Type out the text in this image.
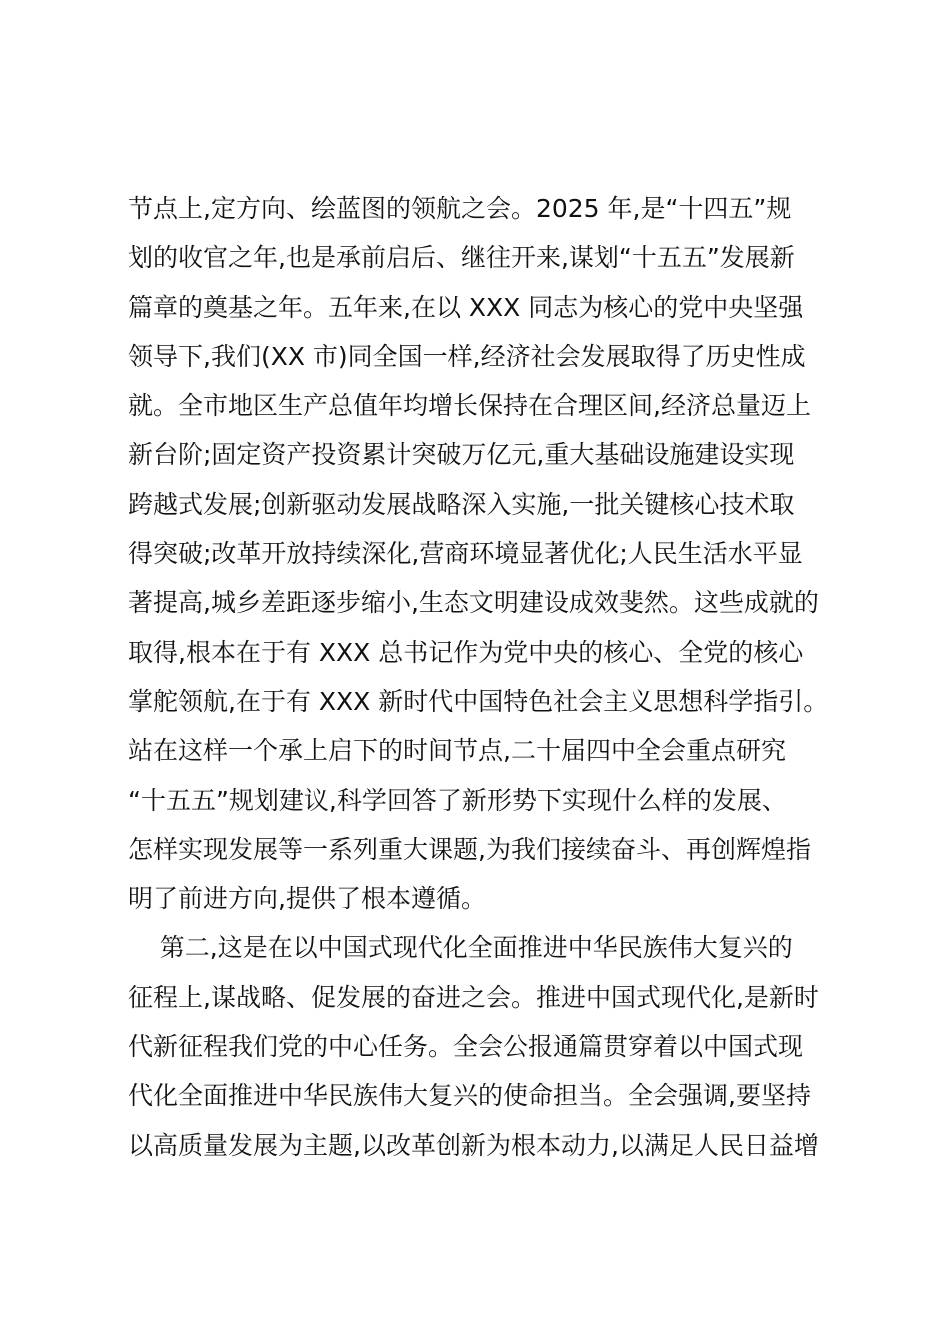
节点上,定方向、绘蓝图的领航之会。2025 年,是“十四五”规
划的收官之年,也是承前启后、继往开来,谋划“十五五”发展新
篇章的奠基之年。五年来,在以 XXX 同志为核心的党中央坚强
领导下,我们(XX 市)同全国一样,经济社会发展取得了历史性成
就。全市地区生产总值年均增长保持在合理区间,经济总量迈上
新台阶;固定资产投资累计突破万亿元,重大基础设施建设实现
跨越式发展;创新驱动发展战略深入实施,一批关键核心技术取
得突破;改革开放持续深化,营商环境显著优化;人民生活水平显
著提高,城乡差距逐步缩小,生态文明建设成效斐然。这些成就的
取得,根本在于有 XXX 总书记作为党中央的核心、全党的核心
掌舵领航,在于有 XXX 新时代中国特色社会主义思想科学指引。
站在这样一个承上启下的时间节点,二十届四中全会重点研究
“十五五”规划建议,科学回答了新形势下实现什么样的发展、
怎样实现发展等一系列重大课题,为我们接续奋斗、再创辉煌指
明了前进方向,提供了根本遵循。
第二,这是在以中国式现代化全面推进中华民族伟大复兴的
征程上,谋战略、促发展的奋进之会。推进中国式现代化,是新时
代新征程我们党的中心任务。全会公报通篇贯穿着以中国式现
代化全面推进中华民族伟大复兴的使命担当。全会强调,要坚持
以高质量发展为主题,以改革创新为根本动力,以满足人民日益增
